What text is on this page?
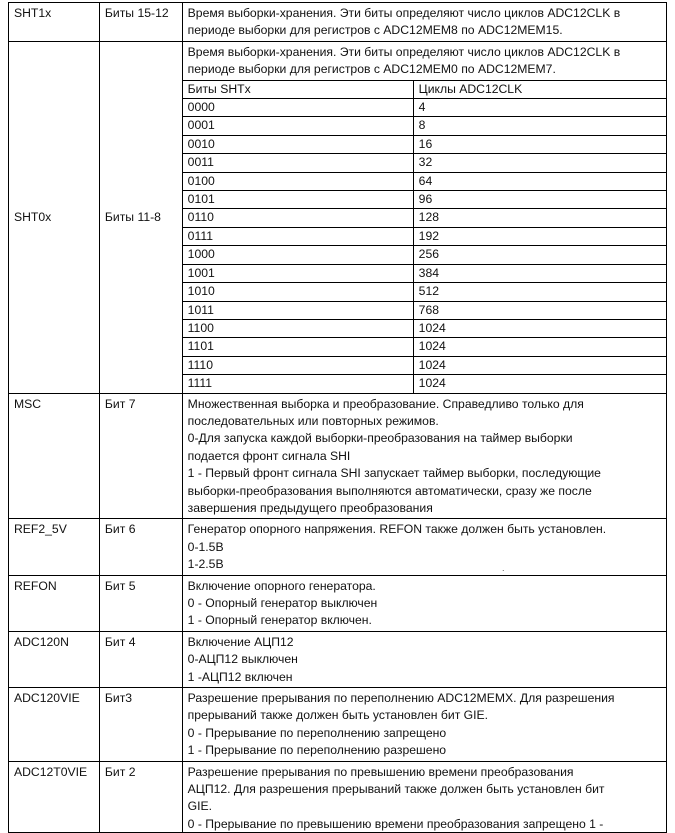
SHT1x	Биты 15-12	Время выборки-хранения. Эти биты определяют число циклов ADC12CLK в
периоде выборки для регистров с ADC12MEM8 по ADC12MEM15.

SHT0x	Биты 11-8	
Время выборки-хранения. Эти биты определяют число циклов ADC12CLK в
периоде выборки для регистров с ADC12MEM0 по ADC12MEM7.
Биты SHTx	Циклы ADC12CLK
0000	4
0001	8
0010	16
0011	32
0100	64
0101	96
0110	128
0111	192
1000	256
1001	384
1010	512
1011	768
1100	1024
1101	1024
1110	1024
1111	1024

MSC	Бит 7	Множественная выборка и преобразование. Справедливо только для
последовательных или повторных режимов.
0-Для запуска каждой выборки-преобразования на таймер выборки
подается фронт сигнала SHI
1 - Первый фронт сигнала SHI запускает таймер выборки, последующие
выборки-преобразования выполняются автоматически, сразу же после
завершения предыдущего преобразования

REF2_5V	Бит 6	Генератор опорного напряжения. REFON также должен быть установлен.
0-1.5В
1-2.5В

REFON	Бит 5	Включение опорного генератора.
0 - Опорный генератор выключен
1 - Опорный генератор включен.

ADC120N	Бит 4	Включение АЦП12
0-АЦП12 выключен
1 -АЦП12 включен

ADC120VIE	Бит3	Разрешение прерывания по переполнению ADC12MEMX. Для разрешения
прерываний также должен быть установлен бит GIE.
0 - Прерывание по переполнению запрещено
1 - Прерывание по переполнению разрешено

ADC12T0VIE	Бит 2	Разрешение прерывания по превышению времени преобразования
АЦП12. Для разрешения прерываний также должен быть установлен бит
GIE.
0 - Прерывание по превышению времени преобразования запрещено 1 -
.
